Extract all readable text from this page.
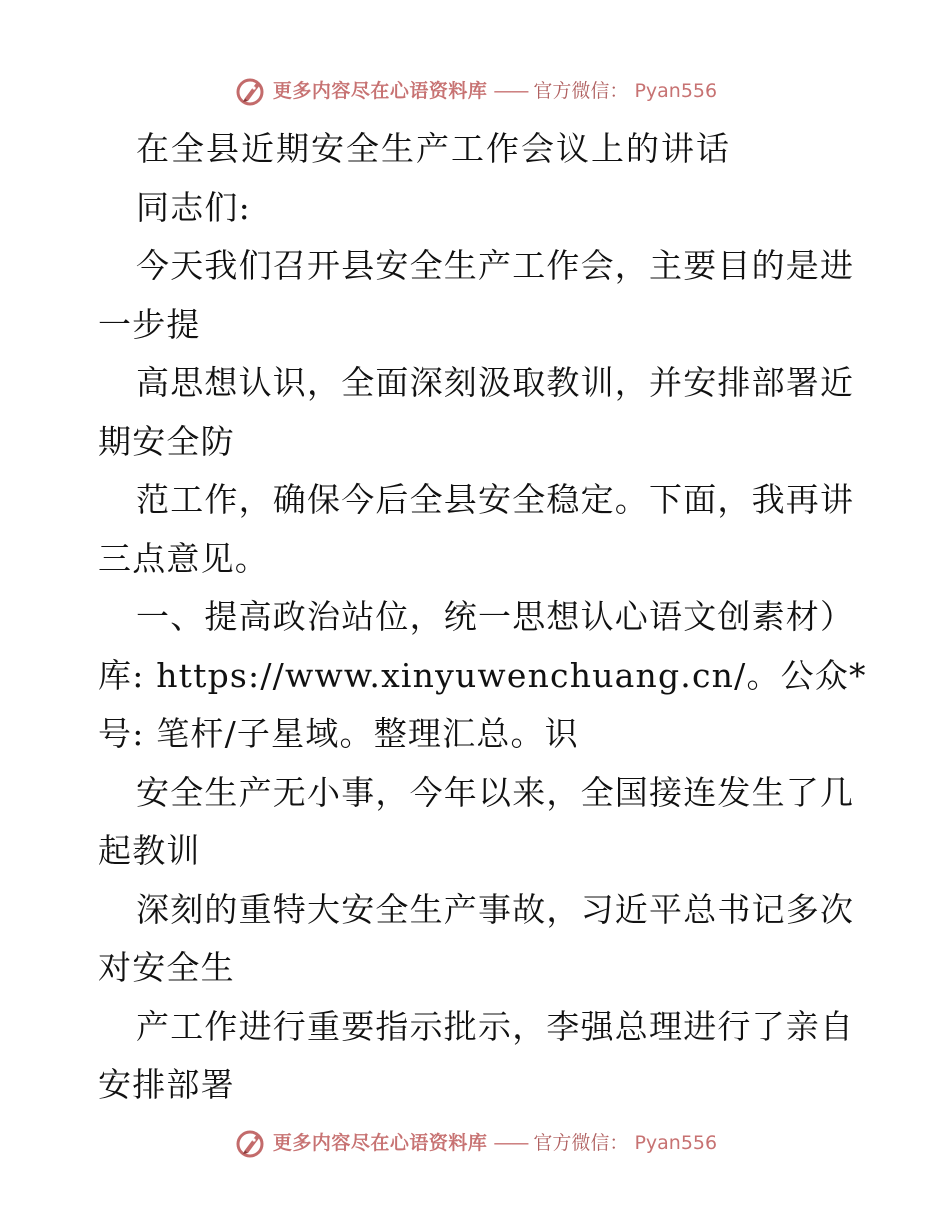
更多内容尽在心语资料库 —— 官方微信： Pyan556
在全县近期安全生产工作会议上的讲话
同志们:
今天我们召开县安全生产工作会，主要目的是进
一步提
高思想认识，全面深刻汲取教训，并安排部署近
期安全防
范工作，确保今后全县安全稳定。下面，我再讲
三点意见。
一、提高政治站位，统一思想认心语文创素材）
库: https://www.xinyuwenchuang.cn/。公众*
号: 笔杆/子星域。整理汇总。识
安全生产无小事，今年以来，全国接连发生了几
起教训
深刻的重特大安全生产事故，习近平总书记多次
对安全生
产工作进行重要指示批示，李强总理进行了亲自
安排部署
更多内容尽在心语资料库 —— 官方微信： Pyan556
